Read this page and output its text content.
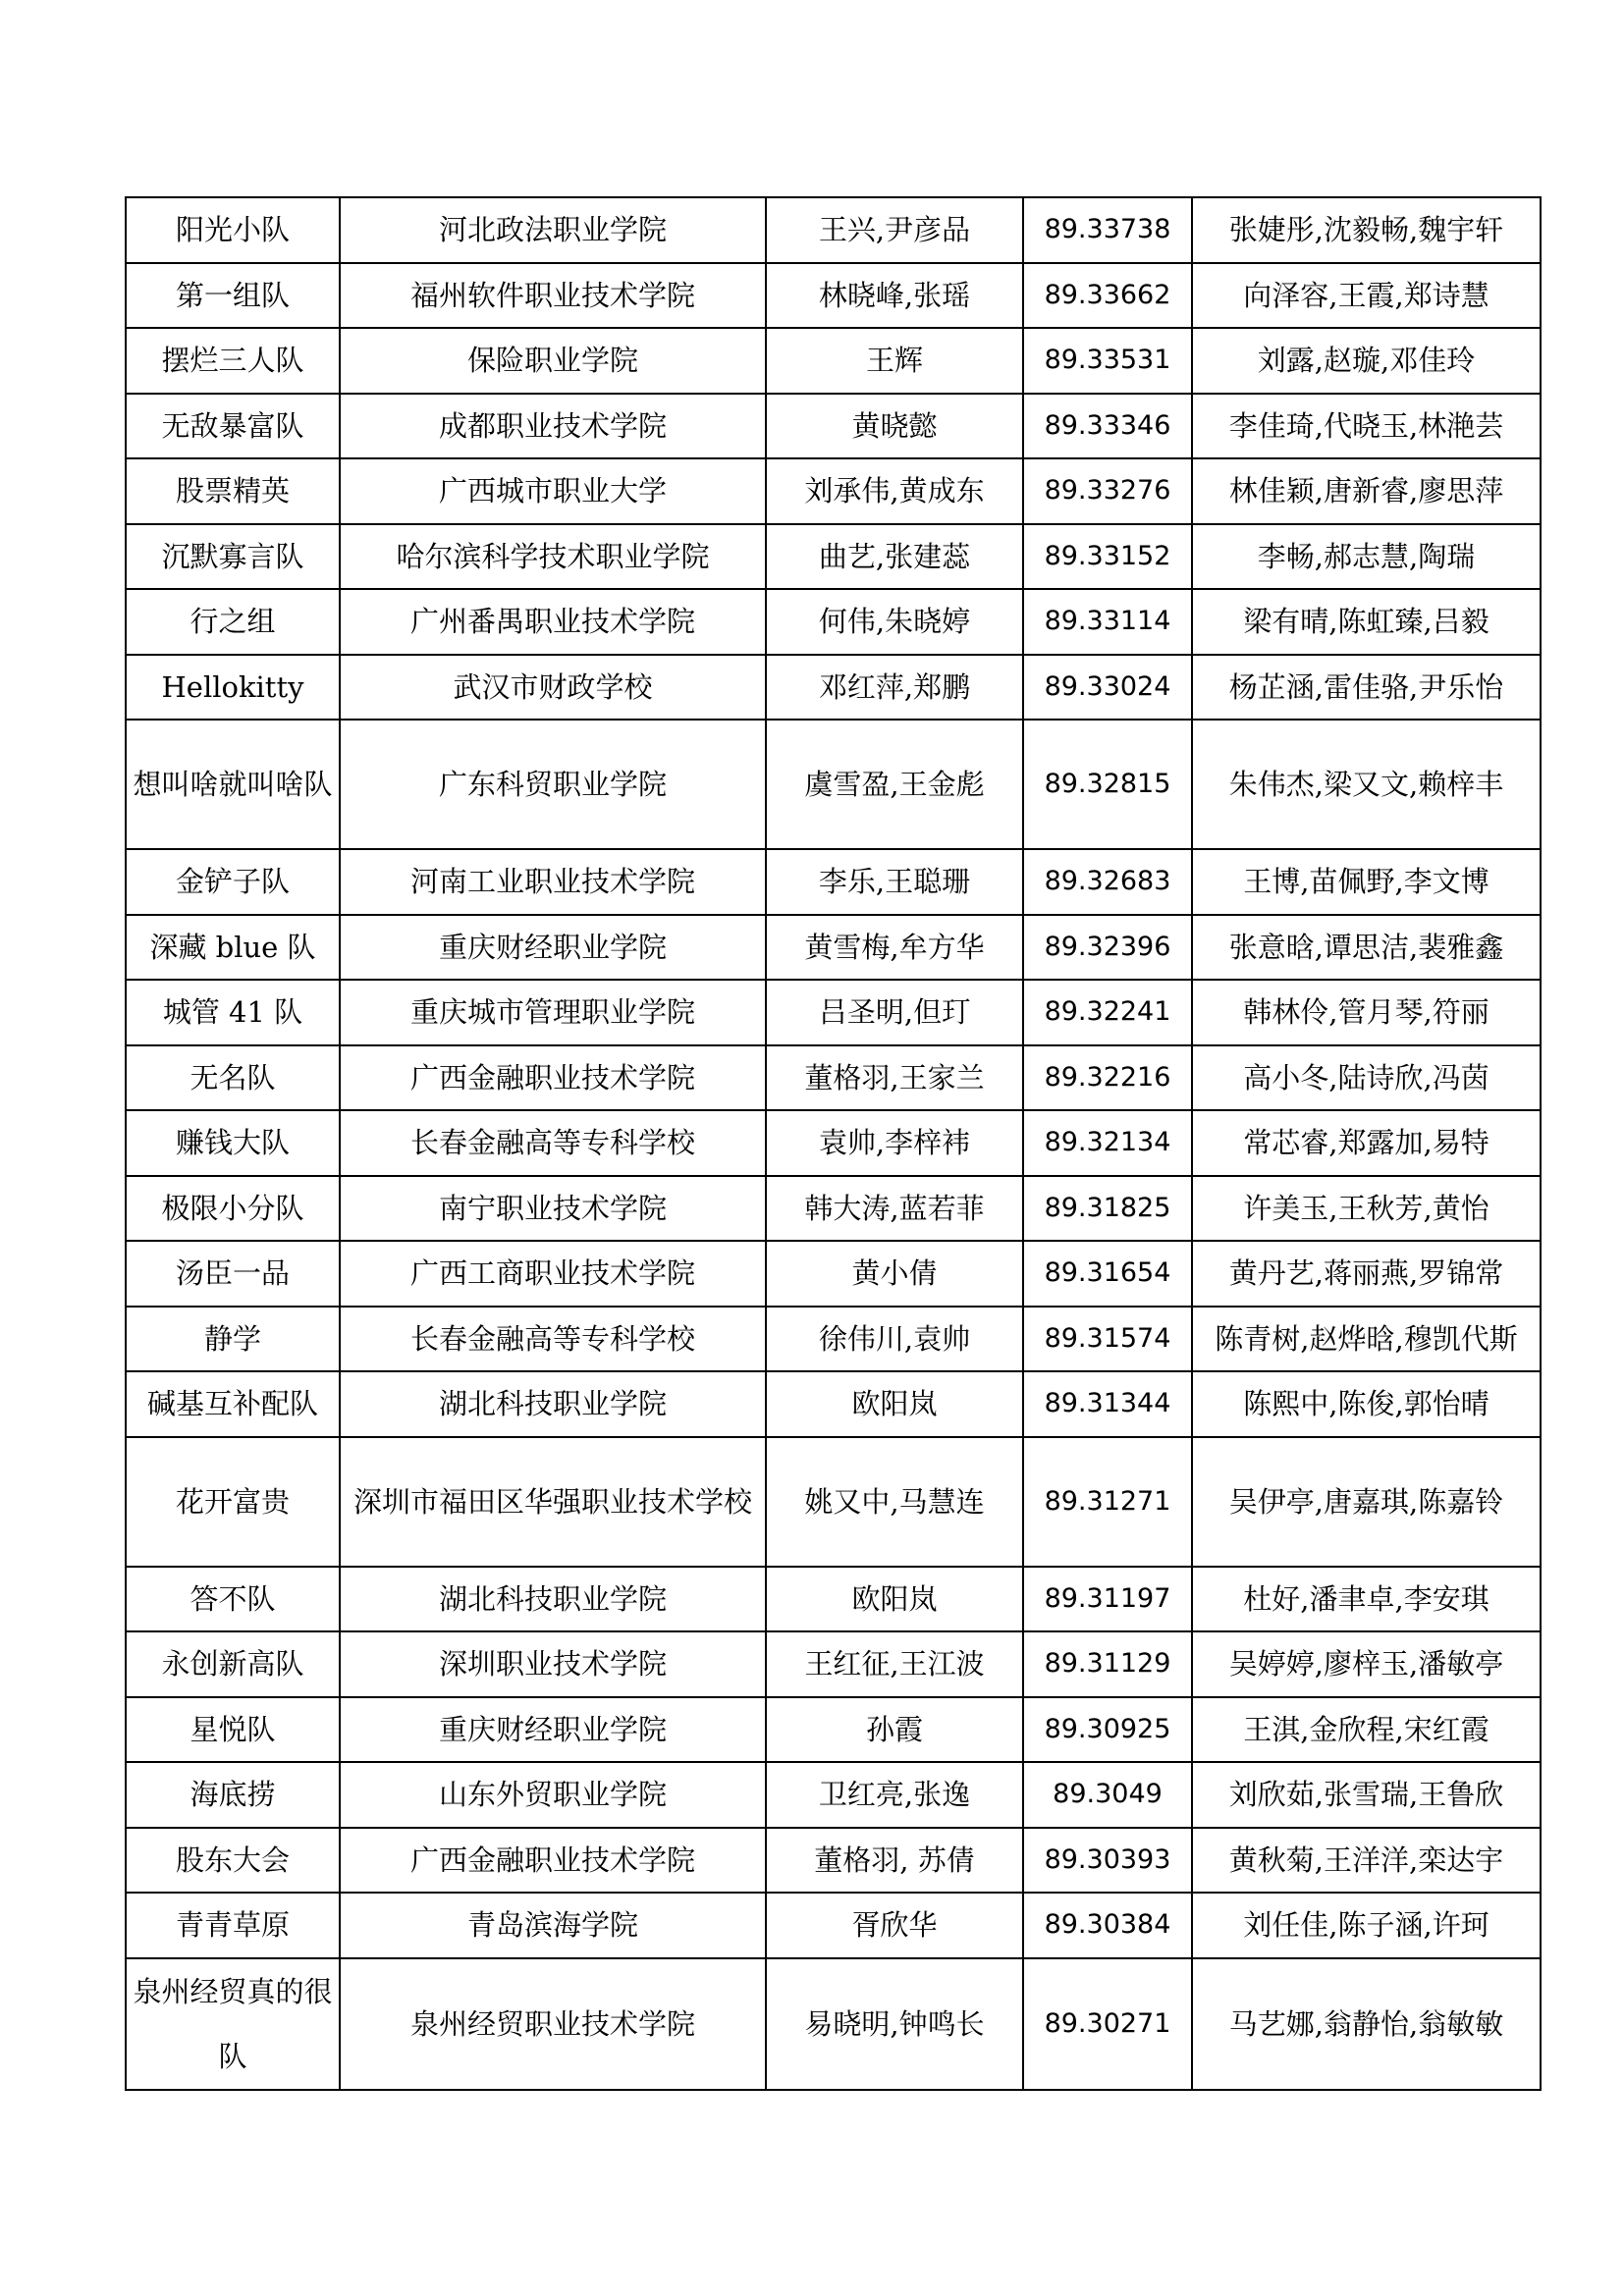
阳光小队	河北政法职业学院	王兴,尹彦品	89.33738	张婕彤,沈毅畅,魏宇轩
第一组队	福州软件职业技术学院	林晓峰,张瑶	89.33662	向泽容,王霞,郑诗慧
摆烂三人队	保险职业学院	王辉	89.33531	刘露,赵璇,邓佳玲
无敌暴富队	成都职业技术学院	黄晓懿	89.33346	李佳琦,代晓玉,林滟芸
股票精英	广西城市职业大学	刘承伟,黄成东	89.33276	林佳颖,唐新睿,廖思萍
沉默寡言队	哈尔滨科学技术职业学院	曲艺,张建蕊	89.33152	李畅,郝志慧,陶瑞
行之组	广州番禺职业技术学院	何伟,朱晓婷	89.33114	梁有晴,陈虹臻,吕毅
Hellokitty	武汉市财政学校	邓红萍,郑鹏	89.33024	杨芷涵,雷佳骆,尹乐怡
想叫啥就叫啥队	广东科贸职业学院	虞雪盈,王金彪	89.32815	朱伟杰,梁又文,赖梓丰
金铲子队	河南工业职业技术学院	李乐,王聪珊	89.32683	王博,苗佩野,李文博
深藏 blue 队	重庆财经职业学院	黄雪梅,牟方华	89.32396	张意晗,谭思洁,裴雅鑫
城管 41 队	重庆城市管理职业学院	吕圣明,但玎	89.32241	韩林伶,管月琴,符丽
无名队	广西金融职业技术学院	董格羽,王家兰	89.32216	高小冬,陆诗欣,冯茵
赚钱大队	长春金融高等专科学校	袁帅,李梓袆	89.32134	常芯睿,郑露加,易特
极限小分队	南宁职业技术学院	韩大涛,蓝若菲	89.31825	许美玉,王秋芳,黄怡
汤臣一品	广西工商职业技术学院	黄小倩	89.31654	黄丹艺,蒋丽燕,罗锦常
静学	长春金融高等专科学校	徐伟川,袁帅	89.31574	陈青树,赵烨晗,穆凯代斯
碱基互补配队	湖北科技职业学院	欧阳岚	89.31344	陈熙中,陈俊,郭怡晴
花开富贵	深圳市福田区华强职业技术学校	姚又中,马慧连	89.31271	吴伊亭,唐嘉琪,陈嘉铃
答不队	湖北科技职业学院	欧阳岚	89.31197	杜好,潘聿卓,李安琪
永创新高队	深圳职业技术学院	王红征,王江波	89.31129	吴婷婷,廖梓玉,潘敏亭
星悦队	重庆财经职业学院	孙霞	89.30925	王淇,金欣程,宋红霞
海底捞	山东外贸职业学院	卫红亮,张逸	89.3049	刘欣茹,张雪瑞,王鲁欣
股东大会	广西金融职业技术学院	董格羽, 苏倩	89.30393	黄秋菊,王洋洋,栾达宇
青青草原	青岛滨海学院	胥欣华	89.30384	刘任佳,陈子涵,许珂
泉州经贸真的很队	泉州经贸职业技术学院	易晓明,钟鸣长	89.30271	马艺娜,翁静怡,翁敏敏
